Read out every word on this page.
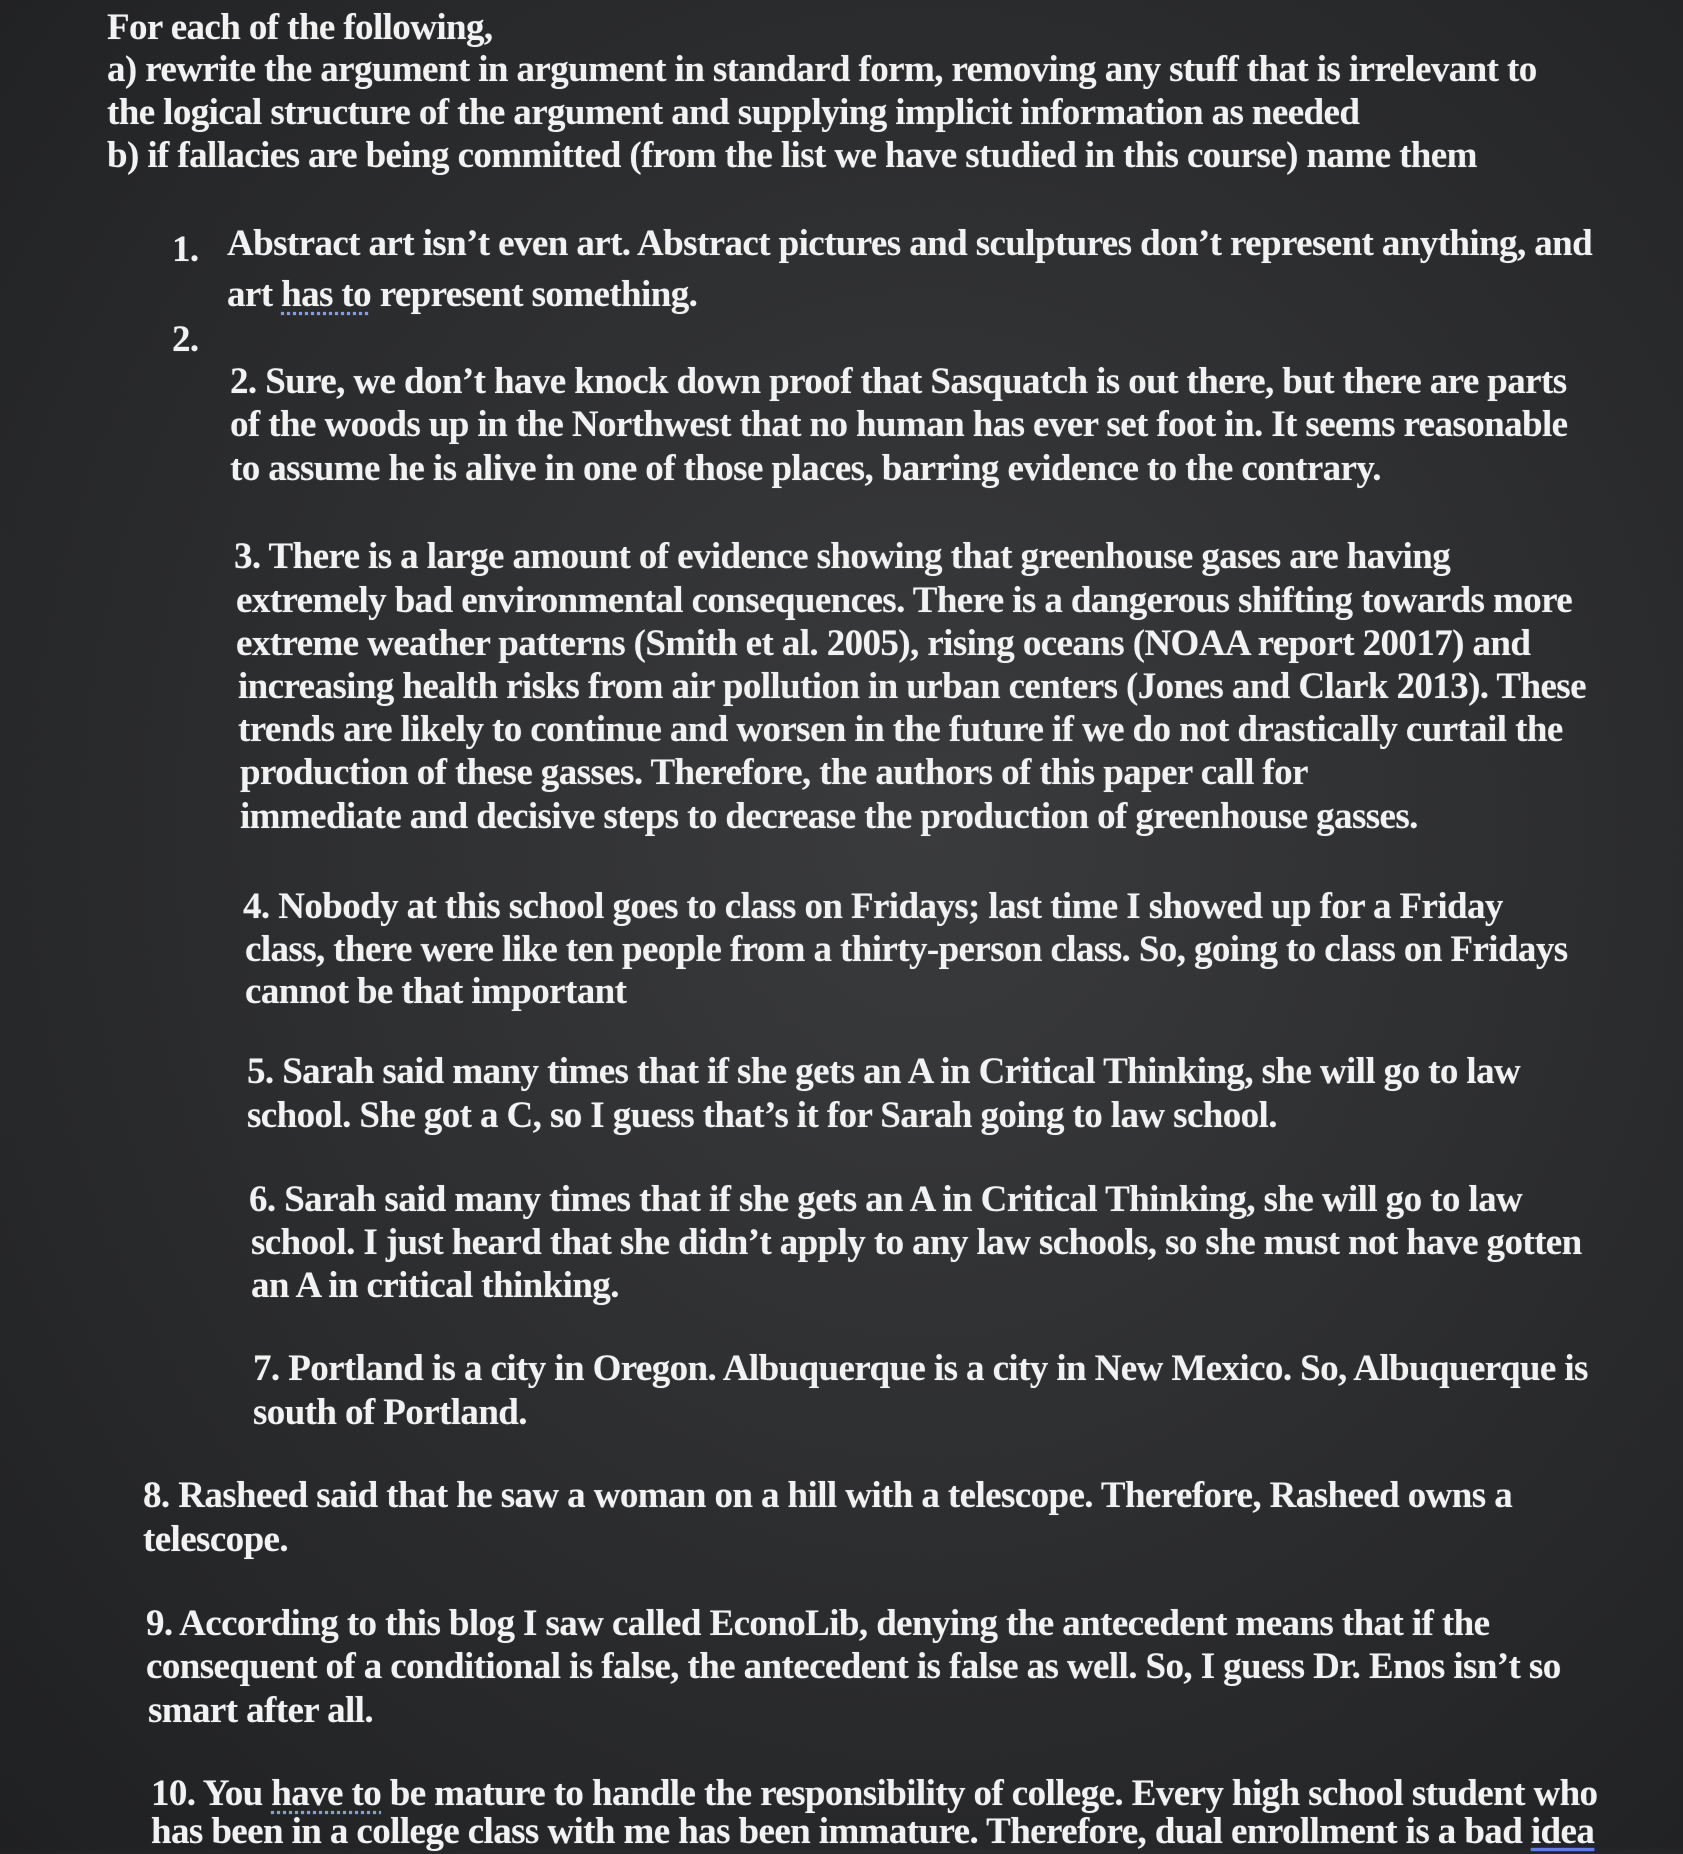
For each of the following,
a) rewrite the argument in argument in standard form, removing any stuff that is irrelevant to
the logical structure of the argument and supplying implicit information as needed
b) if fallacies are being committed (from the list we have studied in this course) name them
1. Abstract art isn’t even art. Abstract pictures and sculptures don’t represent anything, and
art has to represent something.
2.
2. Sure, we don’t have knock down proof that Sasquatch is out there, but there are parts
of the woods up in the Northwest that no human has ever set foot in. It seems reasonable
to assume he is alive in one of those places, barring evidence to the contrary.
3. There is a large amount of evidence showing that greenhouse gases are having
extremely bad environmental consequences. There is a dangerous shifting towards more
extreme weather patterns (Smith et al. 2005), rising oceans (NOAA report 20017) and
increasing health risks from air pollution in urban centers (Jones and Clark 2013). These
trends are likely to continue and worsen in the future if we do not drastically curtail the
production of these gasses. Therefore, the authors of this paper call for
immediate and decisive steps to decrease the production of greenhouse gasses.
4. Nobody at this school goes to class on Fridays; last time I showed up for a Friday
class, there were like ten people from a thirty-person class. So, going to class on Fridays
cannot be that important
5. Sarah said many times that if she gets an A in Critical Thinking, she will go to law
school. She got a C, so I guess that’s it for Sarah going to law school.
6. Sarah said many times that if she gets an A in Critical Thinking, she will go to law
school. I just heard that she didn’t apply to any law schools, so she must not have gotten
an A in critical thinking.
7. Portland is a city in Oregon. Albuquerque is a city in New Mexico. So, Albuquerque is
south of Portland.
8. Rasheed said that he saw a woman on a hill with a telescope. Therefore, Rasheed owns a
telescope.
9. According to this blog I saw called EconoLib, denying the antecedent means that if the
consequent of a conditional is false, the antecedent is false as well. So, I guess Dr. Enos isn’t so
smart after all.
10. You have to be mature to handle the responsibility of college. Every high school student who
has been in a college class with me has been immature. Therefore, dual enrollment is a bad idea
